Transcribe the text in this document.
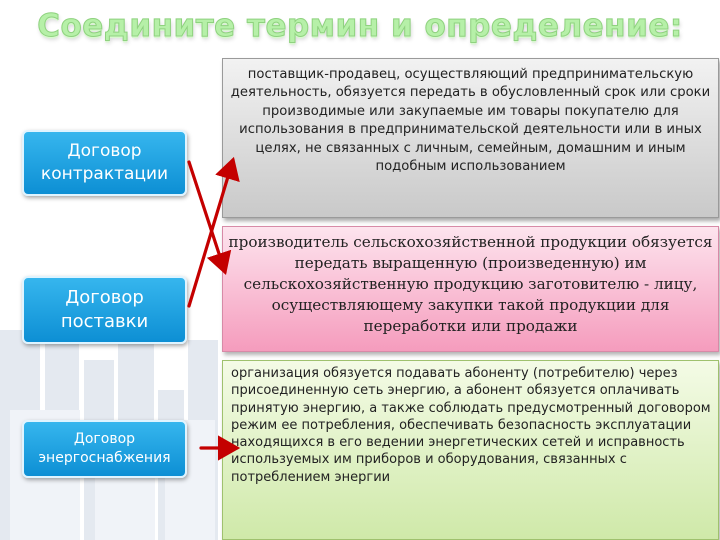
Соедините термин и определение:
Договор контрактации
Договор поставки
Договор энергоснабжения
поставщик-продавец, осуществляющий предпринимательскую деятельность, обязуется передать в обусловленный срок или сроки производимые или закупаемые им товары покупателю для использования в предпринимательской деятельности или в иных целях, не связанных с личным, семейным, домашним и иным подобным использованием
производитель сельскохозяйственной продукции обязуется передать выращенную (произведенную) им сельскохозяйственную продукцию заготовителю - лицу, осуществляющему закупки такой продукции для переработки или продажи
организация обязуется подавать абоненту (потребителю) через присоединенную сеть энергию, а абонент обязуется оплачивать принятую энергию, а также соблюдать предусмотренный договором режим ее потребления, обеспечивать безопасность эксплуатации находящихся в его ведении энергетических сетей и исправность используемых им приборов и оборудования, связанных с потреблением энергии
